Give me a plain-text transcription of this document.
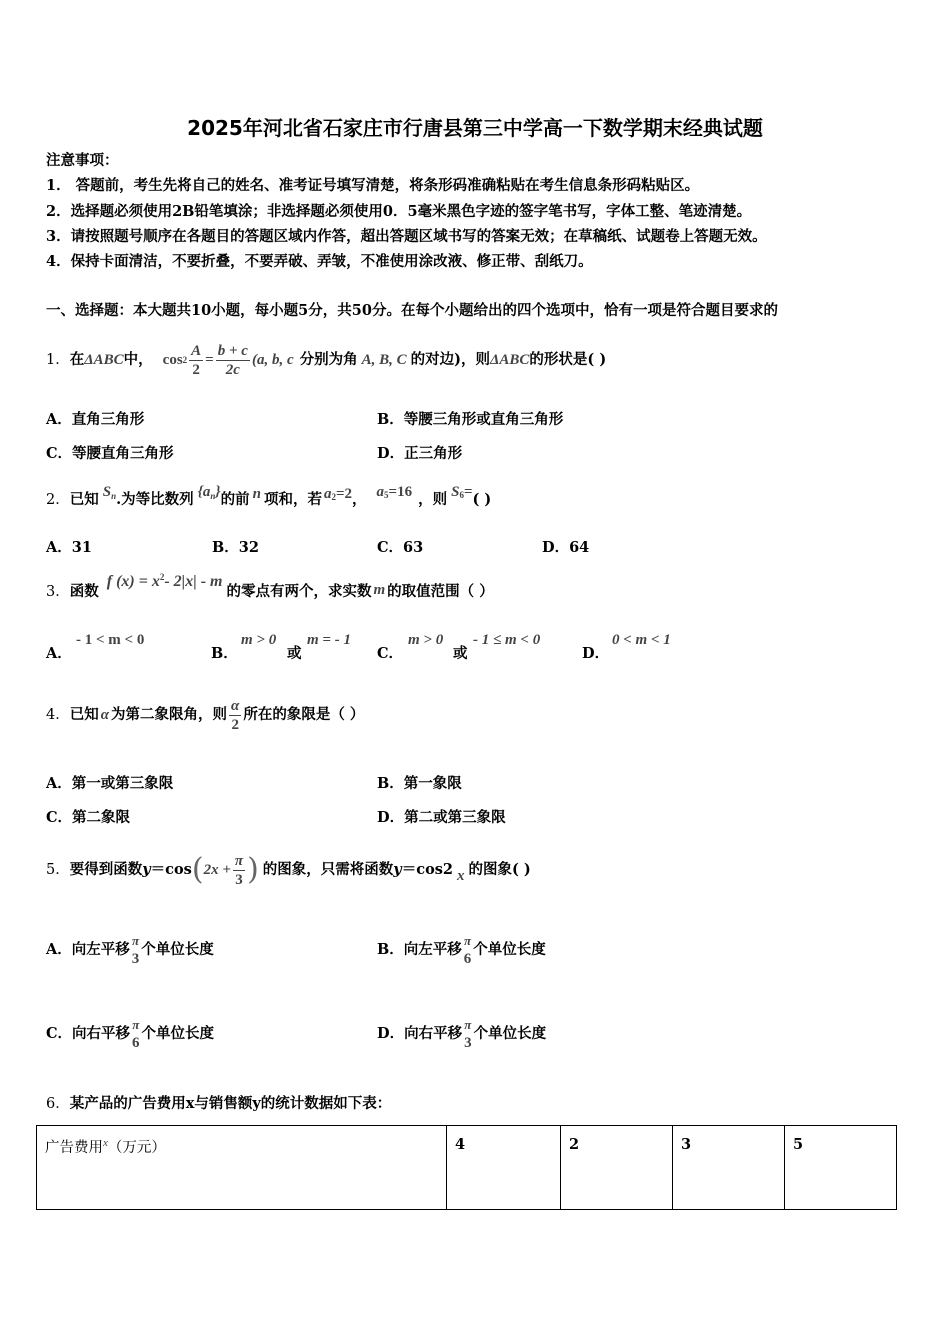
2025年河北省石家庄市行唐县第三中学高一下数学期末经典试题
注意事项：
1． 答题前，考生先将自己的姓名、准考证号填写清楚，将条形码准确粘贴在考生信息条形码粘贴区。
2．选择题必须使用2B铅笔填涂；非选择题必须使用0．5毫米黑色字迹的签字笔书写，字体工整、笔迹清楚。
3．请按照题号顺序在各题目的答题区域内作答，超出答题区域书写的答案无效；在草稿纸、试题卷上答题无效。
4．保持卡面清洁，不要折叠，不要弄破、弄皱，不准使用涂改液、修正带、刮纸刀。
一、选择题：本大题共10小题，每小题5分，共50分。在每个小题给出的四个选项中，恰有一项是符合题目要求的
1． 在 ΔABC 中， $\cos 2 \frac{A}{2} = \frac{b + c}{2c} (a$, b, c 分别为角 A, B, C 的对边)，则 ΔABC 的形状是( )
A．直角三角形	B．等腰三角形或直角三角形
C．等腰直角三角形	D．正三角形
2． 已知 S n .为等比数列 {a n } 的前 n 项和，若 a 2 =2 ， a 5 =16 ，则 S 6 = ( )
A．31	B．32	C．63	D．64
3． 函数
f (x) = x 2 - 2|x| - m
的零点有两个，求实数 m 的取值范围（ ）
A．
- 1 < m < 0
B．
m > 0
或
m = - 1
C．
m > 0
或
- 1 ≤ m < 0
D．
0 < m < 1
4． 已知 α 为第二象限角，则 $\frac{\alpha}{2}$ 所在的象限是（ ）
A．第一或第三象限	B．第一象限
C．第二象限	D．第二或第三象限
5． 要得到函数 y ＝cos ( $2x + \frac{\pi}{3}$ ) 的图象，只需将函数 y ＝cos2 x 的图象( )
A．向左平移
π
3
个单位长度	B．向左平移
π
6
个单位长度
C．向右平移
π
6
个单位长度	D．向右平移
π
3
个单位长度
6．某产品的广告费用x与销售额y的统计数据如下表：
广告费用$^x$（万元）	4	2	3	5
